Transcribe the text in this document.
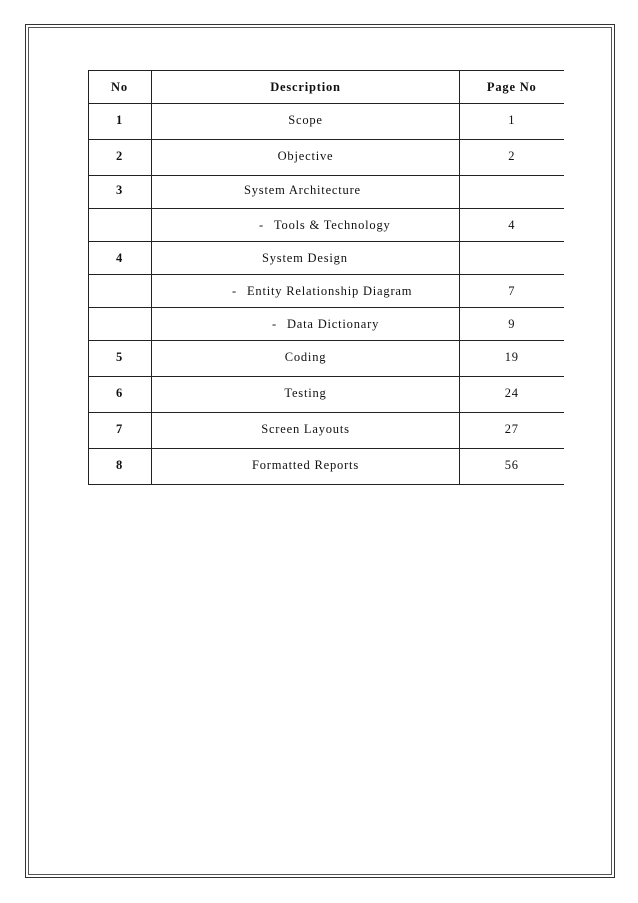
No	Description	Page No

1	Scope	1

2	Objective	2

3	System Architecture	

	- Tools & Technology	4

4	System Design	

	- Entity Relationship Diagram	7

	- Data Dictionary	9

5	Coding	19

6	Testing	24

7	Screen Layouts	27

8	Formatted Reports	56
